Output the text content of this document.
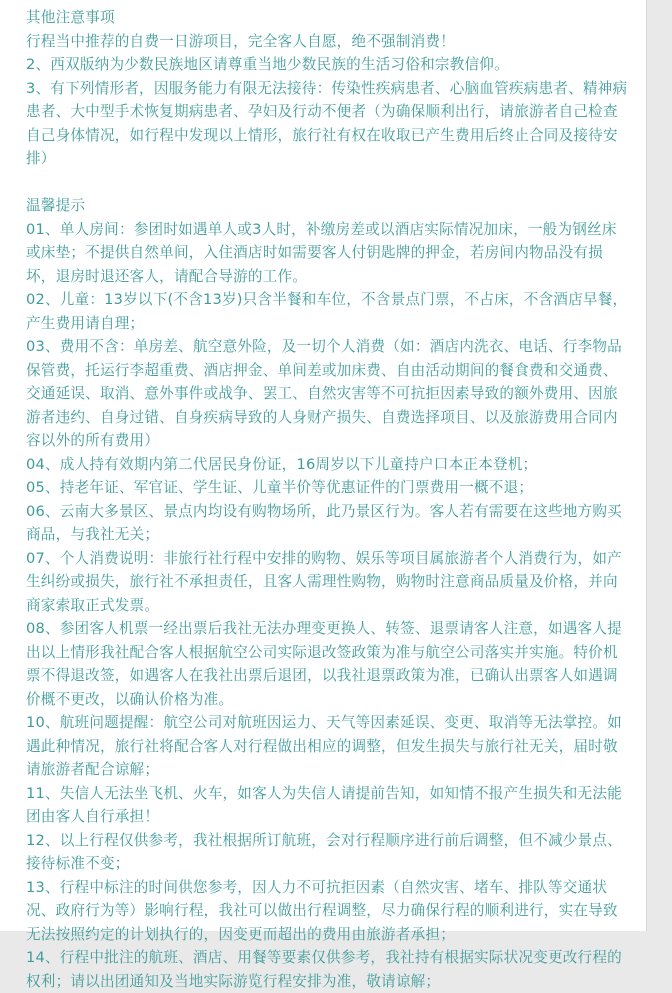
其他注意事项

行程当中推荐的自费一日游项目，完全客人自愿，绝不强制消费！

2、西双版纳为少数民族地区请尊重当地少数民族的生活习俗和宗教信仰。

3、有下列情形者，因服务能力有限无法接待：传染性疾病患者、心脑血管疾病患者、精神病患者、大中型手术恢复期病患者、孕妇及行动不便者（为确保顺利出行，请旅游者自己检查自己身体情况，如行程中发现以上情形，旅行社有权在收取已产生费用后终止合同及接待安排）

温馨提示

01、单人房间：参团时如遇单人或3人时，补缴房差或以酒店实际情况加床，一般为钢丝床或床垫；不提供自然单间，入住酒店时如需要客人付钥匙牌的押金，若房间内物品没有损坏，退房时退还客人，请配合导游的工作。

02、儿童：13岁以下(不含13岁)只含半餐和车位，不含景点门票，不占床，不含酒店早餐，产生费用请自理；

03、费用不含：单房差、航空意外险，及一切个人消费（如：酒店内洗衣、电话、行李物品保管费，托运行李超重费、酒店押金、单间差或加床费、自由活动期间的餐食费和交通费、交通延误、取消、意外事件或战争、罢工、自然灾害等不可抗拒因素导致的额外费用、因旅游者违约、自身过错、自身疾病导致的人身财产损失、自费选择项目、以及旅游费用合同内容以外的所有费用）

04、成人持有效期内第二代居民身份证，16周岁以下儿童持户口本正本登机；

05、持老年证、军官证、学生证、儿童半价等优惠证件的门票费用一概不退；

06、云南大多景区、景点内均设有购物场所，此乃景区行为。客人若有需要在这些地方购买商品，与我社无关；

07、个人消费说明：非旅行社行程中安排的购物、娱乐等项目属旅游者个人消费行为，如产生纠纷或损失，旅行社不承担责任，且客人需理性购物，购物时注意商品质量及价格，并向商家索取正式发票。

08、参团客人机票一经出票后我社无法办理变更换人、转签、退票请客人注意，如遇客人提出以上情形我社配合客人根据航空公司实际退改签政策为准与航空公司落实并实施。特价机票不得退改签，如遇客人在我社出票后退团，以我社退票政策为准，已确认出票客人如遇调价概不更改，以确认价格为准。

10、航班问题提醒：航空公司对航班因运力、天气等因素延误、变更、取消等无法掌控。如遇此种情况，旅行社将配合客人对行程做出相应的调整，但发生损失与旅行社无关，届时敬请旅游者配合谅解；

11、失信人无法坐飞机、火车，如客人为失信人请提前告知，如知情不报产生损失和无法能团由客人自行承担！

12、以上行程仅供参考，我社根据所订航班，会对行程顺序进行前后调整，但不减少景点、接待标准不变；

13、行程中标注的时间供您参考，因人力不可抗拒因素（自然灾害、堵车、排队等交通状况、政府行为等）影响行程，我社可以做出行程调整，尽力确保行程的顺利进行，实在导致无法按照约定的计划执行的，因变更而超出的费用由旅游者承担；

14、行程中批注的航班、酒店、用餐等要素仅供参考，我社持有根据实际状况变更改行程的权利；请以出团通知及当地实际游览行程安排为准，敬请谅解；
